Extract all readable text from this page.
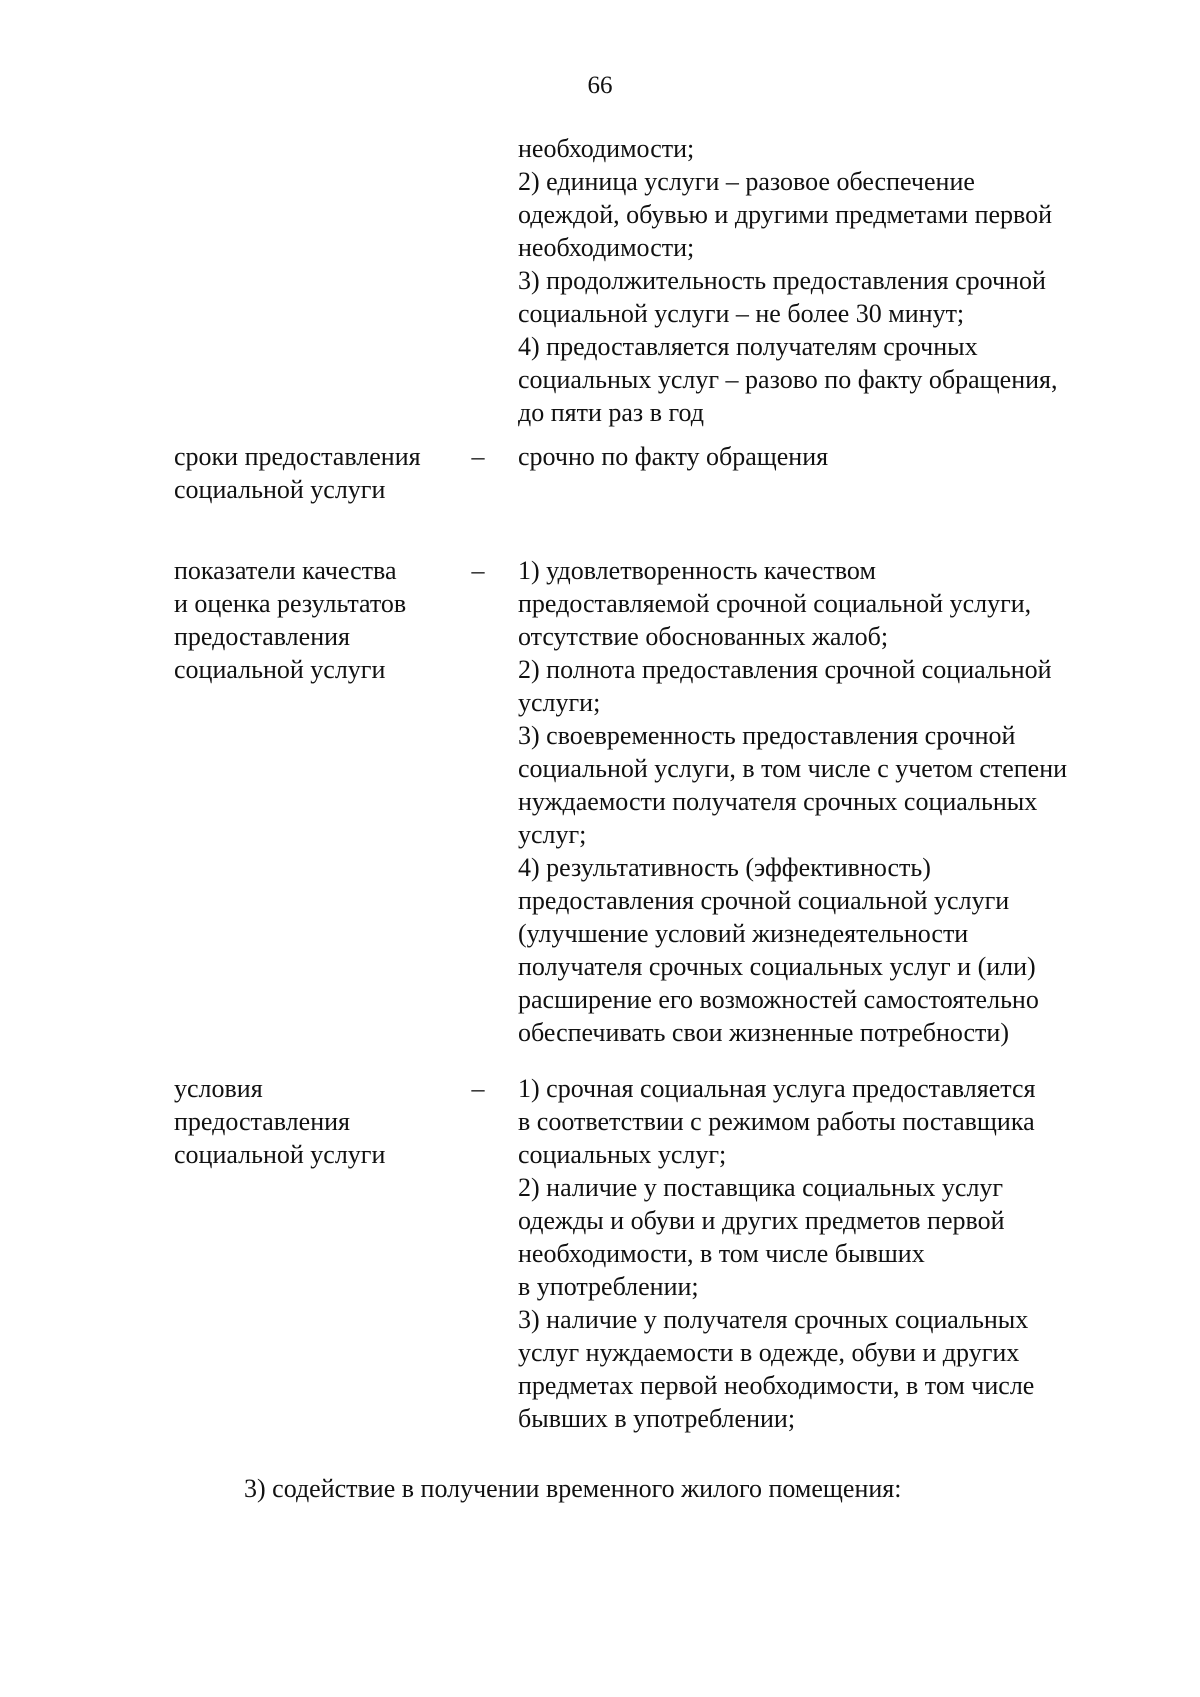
66
необходимости;
2) единица услуги – разовое обеспечение
одеждой, обувью и другими предметами первой
необходимости;
3) продолжительность предоставления срочной
социальной услуги – не более 30 минут;
4) предоставляется получателям срочных
социальных услуг – разово по факту обращения,
до пяти раз в год
сроки предоставления
социальной услуги
– срочно по факту обращения
показатели качества
и оценка результатов
предоставления
социальной услуги
– 1) удовлетворенность качеством
предоставляемой срочной социальной услуги,
отсутствие обоснованных жалоб;
2) полнота предоставления срочной социальной
услуги;
3) своевременность предоставления срочной
социальной услуги, в том числе с учетом степени
нуждаемости получателя срочных социальных
услуг;
4) результативность (эффективность)
предоставления срочной социальной услуги
(улучшение условий жизнедеятельности
получателя срочных социальных услуг и (или)
расширение его возможностей самостоятельно
обеспечивать свои жизненные потребности)
условия
предоставления
социальной услуги
– 1) срочная социальная услуга предоставляется
в соответствии с режимом работы поставщика
социальных услуг;
2) наличие у поставщика социальных услуг
одежды и обуви и других предметов первой
необходимости, в том числе бывших
в употреблении;
3) наличие у получателя срочных социальных
услуг нуждаемости в одежде, обуви и других
предметах первой необходимости, в том числе
бывших в употреблении;
3) содействие в получении временного жилого помещения:
